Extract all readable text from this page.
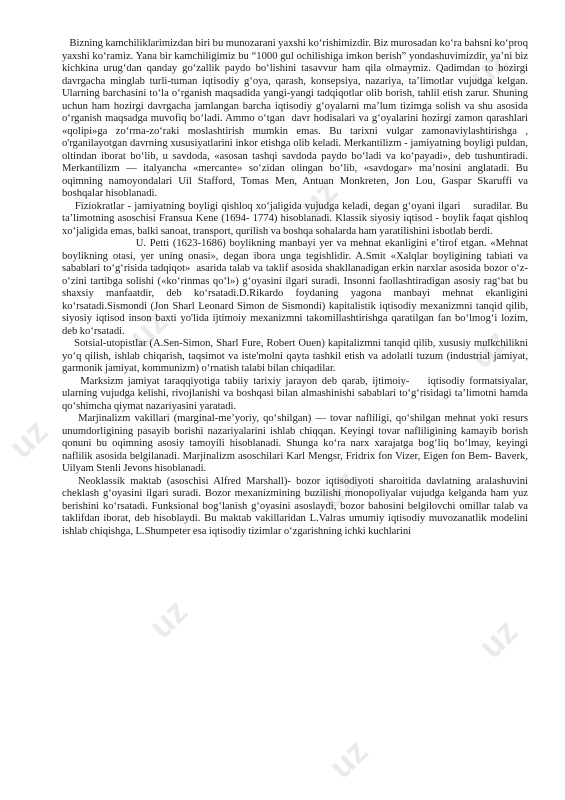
uz
uz
uz
uz
uz
uz
uz	uz
uz

Bizning kamchiliklarimizdan biri bu munozarani yaxshi ko‘rishimizdir. Biz murosadan ko‘ra bahsni ko‘proq yaxshi ko‘ramiz. Yana bir kamchiligimiz bu “1000 gul ochilishiga imkon berish” yondashuvimizdir, ya’ni biz kichkina urug‘dan qanday go‘zallik paydo bo‘lishini tasavvur ham qila olmaymiz. Qadimdan to hozirgi davrgacha minglab turli-tuman iqtisodiy g‘oya, qarash, konsepsiya, nazariya, ta’limotlar vujudga kelgan. Ularning barchasini to‘la o‘rganish maqsadida yangi-yangi tadqiqotlar olib borish, tahlil etish zarur. Shuning uchun ham hozirgi davrgacha jamlangan barcha iqtisodiy g‘oyalarni ma’lum tizimga solish va shu asosida o‘rganish maqsadga muvofiq bo‘ladi. Ammo o‘tgan  davr hodisalari va g‘oyalarini hozirgi zamon qarashlari «qolipi»ga zo‘rma-zo‘raki moslashtirish mumkin emas. Bu tarixni vulgar zamonaviylashtirishga , o'rganilayotgan davrning xususiyatlarini inkor etishga olib keladi. Merkantilizm - jamiyatning boyligi puldan, oltindan iborat bo‘lib, u savdoda, «asosan tashqi savdoda paydo bo‘ladi va ko‘payadi», deb tushuntiradi. Merkantilizm — italyancha «mercante» so‘zidan olingan bo‘lib, «savdogar» ma’nosini anglatadi. Bu oqimning namoyondalari Uil Stafford, Tomas Men, Antuan Monkreten, Jon Lou, Gaspar Skaruffi va boshqalar hisoblanadi.

Fiziokratlar - jamiyatning boyligi qishloq xo‘jaligida vujudga keladi, degan g‘oyani ilgari    suradilar. Bu ta’limotning asoschisi Fransua Kene (1694- 1774) hisoblanadi. Klassik siyosiy iqtisod - boylik faqat qishloq xo‘jaligida emas, balki sanoat, transport, qurilish va boshqa sohalarda ham yaratilishini isbotlab berdi.

U. Petti (1623-1686) boylikning manbayi yer va mehnat ekanligini e’tirof etgan. «Mehnat boylikning otasi, yer uning onasi», degan ibora unga tegishlidir. A.Smit «Xalqlar boyligining tabiati va sabablari to‘g‘risida tadqiqot»  asarida talab va taklif asosida shakllanadigan erkin narxlar asosida bozor o‘z-o‘zini tartibga solishi («ko‘rinmas qo‘l») g‘oyasini ilgari suradi. Insonni faollashtiradigan asosiy rag‘bat bu shaxsiy manfaatdir, deb ko‘rsatadi.D.Rikardo foydaning yagona manbayi mehnat ekanligini ko‘rsatadi.Sismondi (Jon Sharl Leonard Simon de Sismondi) kapitalistik iqtisodiy mexanizmni tanqid qilib, siyosiy iqtisod inson baxti yo'lida ijtimoiy mexanizmni takomillashtirishga qaratilgan fan bo‘lmog‘i lozim, deb ko‘rsatadi.

Sotsial-utopistlar (A.Sen-Simon, Sharl Fure, Robert Ouen) kapitalizmni tanqid qilib, xususiy mulkchilikni yo‘q qilish, ishlab chiqarish, taqsimot va iste'molni qayta tashkil etish va adolatli tuzum (industrial jamiyat, garmonik jamiyat, kommunizm) o‘rnatish talabi bilan chiqadilar.

Marksizm jamiyat taraqqiyotiga tabiiy tarixiy jarayon deb qarab, ijtimoiy-    iqtisodiy formatsiyalar, ularning vujudga kelishi, rivojlanishi va boshqasi bilan almashinishi sabablari to‘g‘risidagi ta’limotni hamda qo‘shimcha qiymat nazariyasini yaratadi.

Marjinalizm vakillari (marginal-me’yoriy, qo‘shilgan) — tovar nafliligi, qo‘shilgan mehnat yoki resurs unumdorligining pasayib borishi nazariyalarini ishlab chiqqan. Keyingi tovar nafliligining kamayib borish qonuni bu oqimning asosiy tamoyili hisoblanadi. Shunga ko‘ra narx xarajatga bog‘liq bo‘lmay, keyingi naflilik asosida belgilanadi. Marjinalizm asoschilari Karl Mengsr, Fridrix fon Vizer, Eigen fon Bem- Baverk, Uilyam Stenli Jevons hisoblanadi.

Neoklassik maktab (asoschisi Alfred Marshall)- bozor iqtisodiyoti sharoitida davlatning aralashuvini cheklash g‘oyasini ilgari suradi. Bozor mexanizmining buzilishi monopoliyalar vujudga kelganda ham yuz berishini ko‘rsatadi. Funksional bog‘lanish g‘oyasini asoslaydi, bozor bahosini belgilovchi omillar talab va taklifdan iborat, deb hisoblaydi. Bu maktab vakillaridan L.Valras umumiy iqtisodiy muvozanatlik modelini ishlab chiqishga, L.Shumpeter esa iqtisodiy tizimlar o‘zgarishning ichki kuchlarini
